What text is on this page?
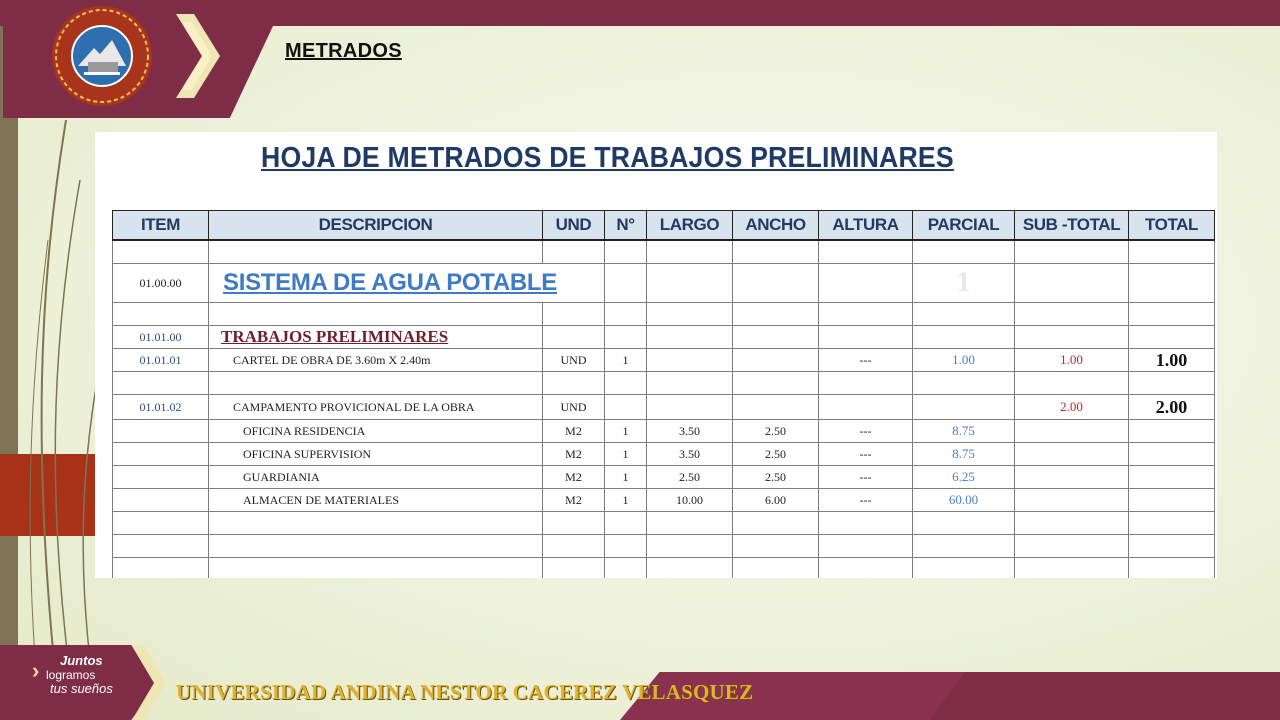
METRADOS
HOJA DE METRADOS DE TRABAJOS PRELIMINARES
ITEM	DESCRIPCION	UND	N°	LARGO	ANCHO	ALTURA	PARCIAL	SUB -TOTAL	TOTAL

01.00.00	SISTEMA DE AGUA POTABLE						1		

01.01.00	TRABAJOS PRELIMINARES								
01.01.01	CARTEL DE OBRA DE 3.60m X 2.40m	UND	1			---	1.00	1.00	1.00

01.01.02	CAMPAMENTO PROVICIONAL DE LA OBRA	UND						2.00	2.00
	OFICINA RESIDENCIA	M2	1	3.50	2.50	---	8.75		
	OFICINA SUPERVISION	M2	1	3.50	2.50	---	8.75		
	GUARDIANIA	M2	1	2.50	2.50	---	6.25		
	ALMACEN DE MATERIALES	M2	1	10.00	6.00	---	60.00		

›	Juntos
logramos
tus sueños	UNIVERSIDAD ANDINA NESTOR CACEREZ VELASQUEZ
